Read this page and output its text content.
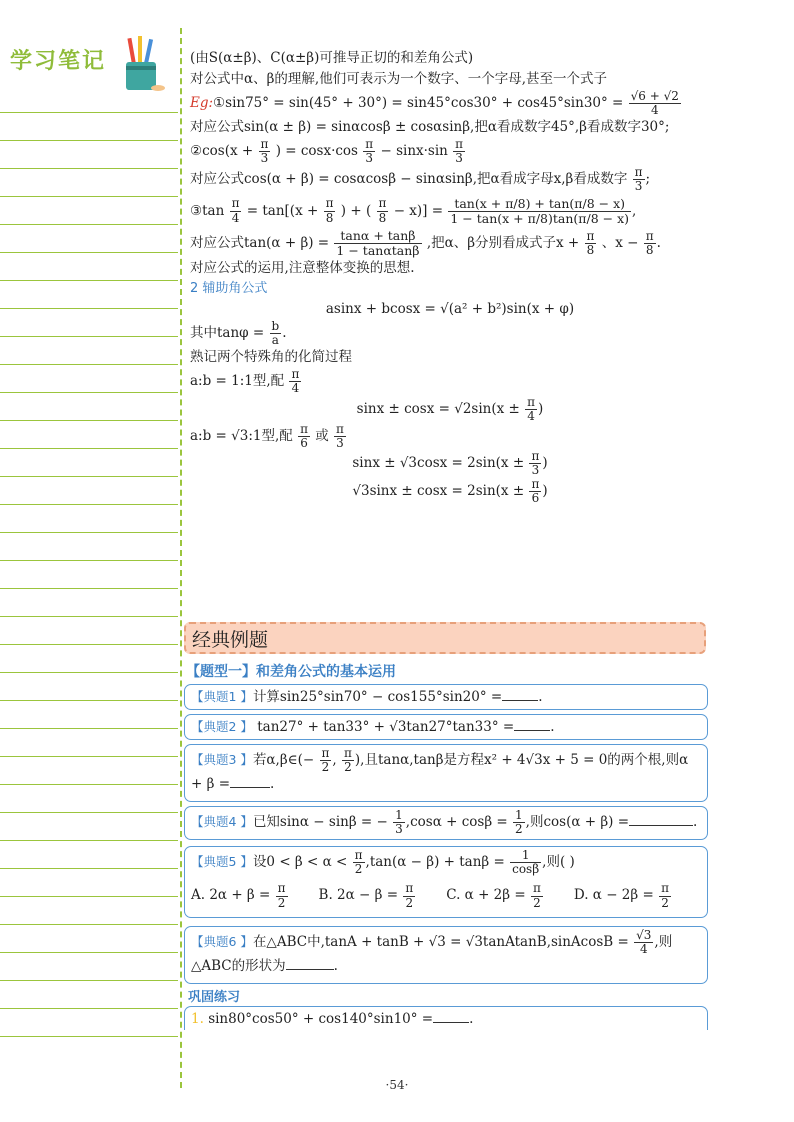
学习笔记	(由S(α±β)、C(α±β)可推导正切的和差角公式)
对公式中α、β的理解,他们可表示为一个数字、一个字母,甚至一个式子
Eg:①sin75° = $\sin(45^\circ + 30^\circ) = \sin 45^\circ\cos 30^\circ + \cos 45^\circ\sin 30^\circ = \frac{√6 + √2}{4}$
对应公式sin(α ± β) = sinαcosβ ± cosαsinβ,把α看成数字45°,β看成数字30°;
②cos(x + $\frac{\pi}{3}$ ) = $\cos x\cdot\cos \frac{\pi}{3} - \sin x\cdot\sin \frac{\pi}{3}$
对应公式cos(α + β) = cosαcosβ − sinαsinβ,把α看成字母x,β看成数字 $\frac{\pi}{3}$ ;
③tan $\frac{\pi}{4} = \tan[(x + \frac{\pi}{8}$ ) + ( $\frac{\pi}{8} - x)] = \frac{\tan(x + \pi/8) + \tan(\pi/8 - x)}{1 - \tan(x + \pi/8)\tan(\pi/8 - x)}$ ,
对应公式$\tan(\alpha + \beta) = \frac{\tan\alpha + \tan\beta}{1 - \tan\alpha\tan\beta}$ ,把α、β分别看成式子$x + \frac{\pi}{8}$ 、$x - \frac{\pi}{8}$ .
对应公式的运用,注意整体变换的思想.
2 辅助角公式
asinx + bcosx = √(a² + b²)sin(x + φ)
其中$\tan\varphi = \frac{b}{a}$ .
熟记两个特殊角的化简过程
a:b = 1:1型,配 $\frac{\pi}{4}$
$\sin x \pm \cos x = √2\sin(x \pm \frac{\pi}{4}$ )
a:b = √3:1型,配 $\frac{\pi}{6}$ 或 $\frac{\pi}{3}$
$\sin x \pm √3\cos x = 2\sin(x \pm \frac{\pi}{3}$ )
$√3\sin x \pm \cos x = 2\sin(x \pm \frac{\pi}{6}$ )
经典例题
【题型一】和差角公式的基本运用
【典题1 】计算sin25°sin70° − cos155°sin20° =	.
【典题2 】 tan27° + tan33° + √3tan27°tan33° =	.
【典题3 】若α,β∈(− $\frac{\pi}{2}$ , $\frac{\pi}{2}$ ),且tanα,tanβ是方程x² + 4√3x + 5 = 0的两个根,则α
+ β =	.
【典题4 】已知sinα − sinβ = − $\frac{1}{3} ,\cos\alpha + \cos\beta = \frac{1}{2}$ ,则cos(α + β) =	.
【典题5 】设$0 < \beta < \alpha < \frac{\pi}{2} ,\tan(\alpha - \beta) + \tan\beta = \frac{1}{\cos\beta}$ ,则( )
A. $2\alpha + \beta = \frac{\pi}{2} B$. $2\alpha - \beta = \frac{\pi}{2} C$. $\alpha + 2\beta = \frac{\pi}{2} D$. $\alpha - 2\beta = \frac{\pi}{2}$
【典题6 】在△ABC中,tanA + tanB + √3 = √3tanAtanB,sinAcosB = $\frac{√3}{4}$ ,则
△ABC的形状为	.
巩固练习
1. sin80°cos50° + cos140°sin10° =	.
·54·
